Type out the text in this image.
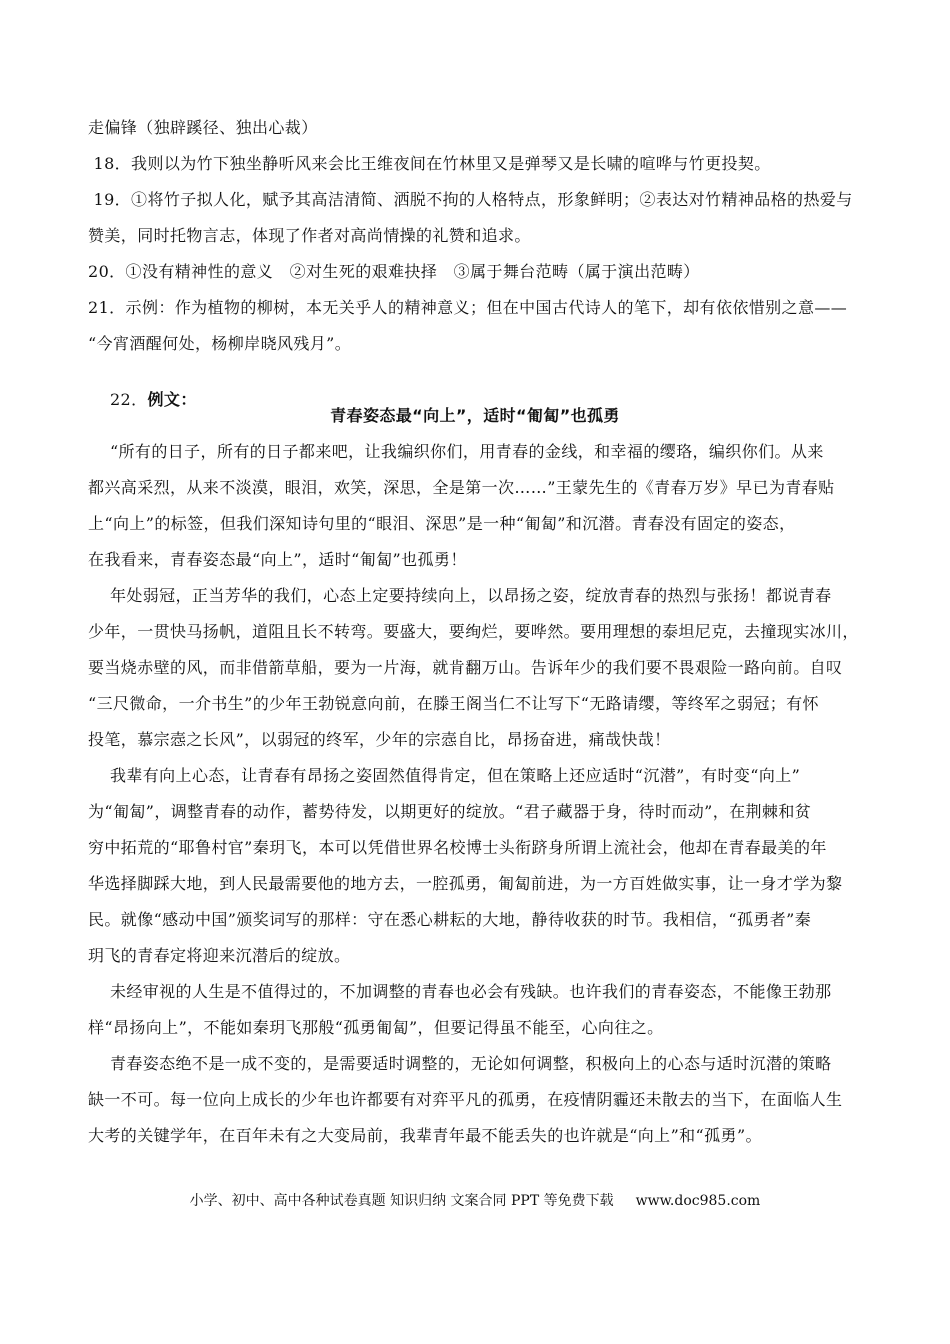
走偏锋（独辟蹊径、独出心裁）
18．我则以为竹下独坐静听风来会比王维夜间在竹林里又是弹琴又是长啸的喧哗与竹更投契。
19．①将竹子拟人化，赋予其高洁清简、洒脱不拘的人格特点，形象鲜明；②表达对竹精神品格的热爱与
赞美，同时托物言志，体现了作者对高尚情操的礼赞和追求。
20．①没有精神性的意义   ②对生死的艰难抉择   ③属于舞台范畴（属于演出范畴）
21．示例：作为植物的柳树，本无关乎人的精神意义；但在中国古代诗人的笔下，却有依依惜别之意——
“今宵酒醒何处，杨柳岸晓风残月”。

22．例文：

青春姿态最“向上”，适时“匍匐”也孤勇
“所有的日子，所有的日子都来吧，让我编织你们，用青春的金线，和幸福的缨珞，编织你们。从来
都兴高采烈，从来不淡漠，眼泪，欢笑，深思，全是第一次……”王蒙先生的《青春万岁》早已为青春贴
上“向上”的标签，但我们深知诗句里的“眼泪、深思”是一种“匍匐”和沉潜。青春没有固定的姿态，
在我看来，青春姿态最“向上”，适时“匍匐”也孤勇！
年处弱冠，正当芳华的我们，心态上定要持续向上，以昂扬之姿，绽放青春的热烈与张扬！都说青春
少年，一贯快马扬帆，道阻且长不转弯。要盛大，要绚烂，要哗然。要用理想的泰坦尼克，去撞现实冰川，
要当烧赤壁的风，而非借箭草船，要为一片海，就肯翻万山。告诉年少的我们要不畏艰险一路向前。自叹
“三尺微命，一介书生”的少年王勃锐意向前，在滕王阁当仁不让写下“无路请缨，等终军之弱冠；有怀
投笔，慕宗悫之长风”，以弱冠的终军，少年的宗悫自比，昂扬奋进，痛哉快哉！
我辈有向上心态，让青春有昂扬之姿固然值得肯定，但在策略上还应适时“沉潜”，有时变“向上”
为“匍匐”，调整青春的动作，蓄势待发，以期更好的绽放。“君子藏器于身，待时而动”，在荆棘和贫
穷中拓荒的“耶鲁村官”秦玥飞，本可以凭借世界名校博士头衔跻身所谓上流社会，他却在青春最美的年
华选择脚踩大地，到人民最需要他的地方去，一腔孤勇，匍匐前进，为一方百姓做实事，让一身才学为黎
民。就像“感动中国”颁奖词写的那样：守在悉心耕耘的大地，静待收获的时节。我相信，“孤勇者”秦
玥飞的青春定将迎来沉潜后的绽放。
未经审视的人生是不值得过的，不加调整的青春也必会有残缺。也许我们的青春姿态，不能像王勃那
样“昂扬向上”，不能如秦玥飞那般“孤勇匍匐”，但要记得虽不能至，心向往之。
青春姿态绝不是一成不变的，是需要适时调整的，无论如何调整，积极向上的心态与适时沉潜的策略
缺一不可。每一位向上成长的少年也许都要有对弈平凡的孤勇，在疫情阴霾还未散去的当下，在面临人生
大考的关键学年，在百年未有之大变局前，我辈青年最不能丢失的也许就是“向上”和“孤勇”。
小学、初中、高中各种试卷真题 知识归纳 文案合同 PPT 等免费下载 www.doc985.com
